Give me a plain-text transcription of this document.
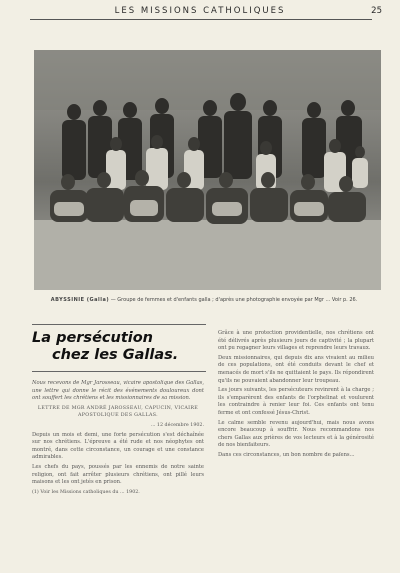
LES MISSIONS CATHOLIQUES	25
ABYSSINIE (Galla) — Groupe de femmes et d'enfants galla ; d'après une photographie envoyée par Mgr ... Voir p. 26.
La persécution
chez les Gallas.

Nous recevons de Mgr Jarosseau, vicaire apostolique des Gallas, une lettre qui donne le récit des événements douloureux dont ont souffert les chrétiens et les missionnaires de sa mission.

LETTRE DE MGR ANDRÉ JAROSSEAU, CAPUCIN, VICAIRE APOSTOLIQUE DES GALLAS.

... 12 décembre 1902.

Depuis un mois et demi, une forte persécution s'est déchaînée sur nos chrétiens. L'épreuve a été rude et nos néophytes ont montré, dans cette circonstance, un courage et une constance admirables.

Les chefs du pays, poussés par les ennemis de notre sainte religion, ont fait arrêter plusieurs chrétiens, ont pillé leurs maisons et les ont jetés en prison.

(1) Voir les Missions catholiques du ... 1902.

Grâce à une protection providentielle, nos chrétiens ont été délivrés après plusieurs jours de captivité ; la plupart ont pu regagner leurs villages et reprendre leurs travaux.

Deux missionnaires, qui depuis dix ans vivaient au milieu de ces populations, ont été conduits devant le chef et menacés de mort s'ils ne quittaient le pays. Ils répondirent qu'ils ne pouvaient abandonner leur troupeau.

Les jours suivants, les persécuteurs revinrent à la charge ; ils s'emparèrent des enfants de l'orphelinat et voulurent les contraindre à renier leur foi. Ces enfants ont tenu ferme et ont confessé Jésus-Christ.

Le calme semble revenu aujourd'hui, mais nous avons encore beaucoup à souffrir. Nous recommandons nos chers Gallas aux prières de vos lecteurs et à la générosité de nos bienfaiteurs.

Dans ces circonstances, un bon nombre de païens...
